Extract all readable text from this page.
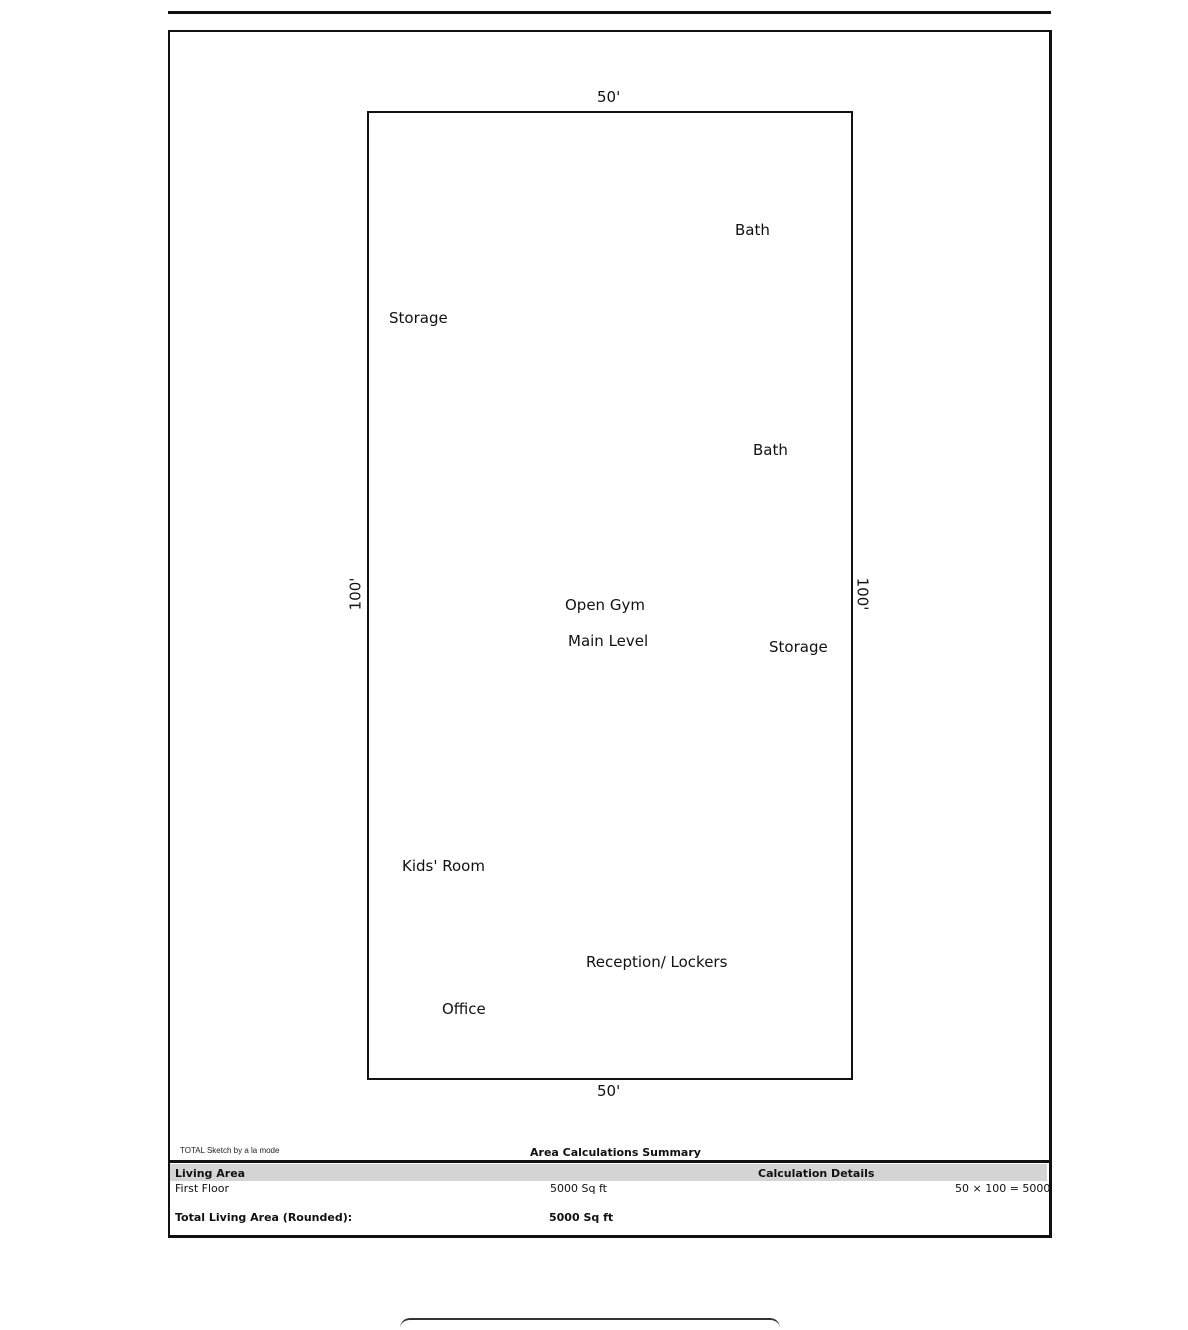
50'
50'
100'	100'
Bath
Storage
Bath
Open Gym
Main Level	Storage
Kids' Room
Reception/ Lockers
Office
TOTAL Sketch by a la mode	Area Calculations Summary
Living Area	Calculation Details
First Floor	5000 Sq ft	50 × 100 = 5000
Total Living Area (Rounded):	5000 Sq ft
